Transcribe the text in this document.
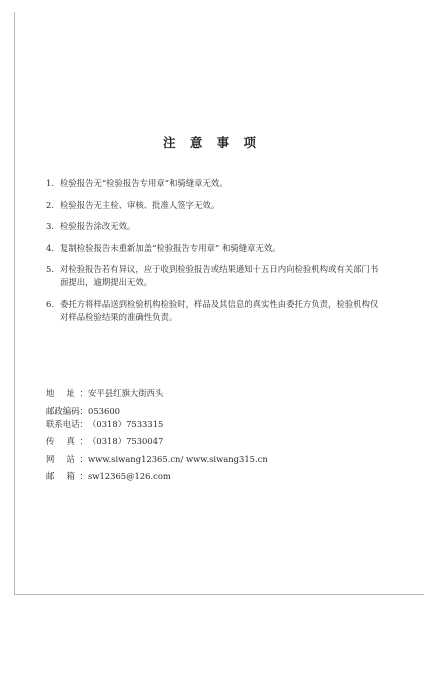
注 意 事 项
1. 检验报告无“检验报告专用章”和骑缝章无效。
2. 检验报告无主检、审核、批准人签字无效。
3. 检验报告涂改无效。
4. 复制检验报告未重新加盖“检验报告专用章” 和骑缝章无效。
5. 对检验报告若有异议，应于收到检验报告或结果通知十五日内向检验机构或有关部门书面提出，逾期提出无效。
6. 委托方将样品送到检验机构检验时，样品及其信息的真实性由委托方负责，检验机构仅对样品检验结果的准确性负责。
地 址：安平县红旗大街西头
邮政编码：053600
联系电话：（0318）7533315
传 真：（0318）7530047
网 站：www.siwang12365.cn/ www.siwang315.cn
邮 箱：sw12365@126.com
